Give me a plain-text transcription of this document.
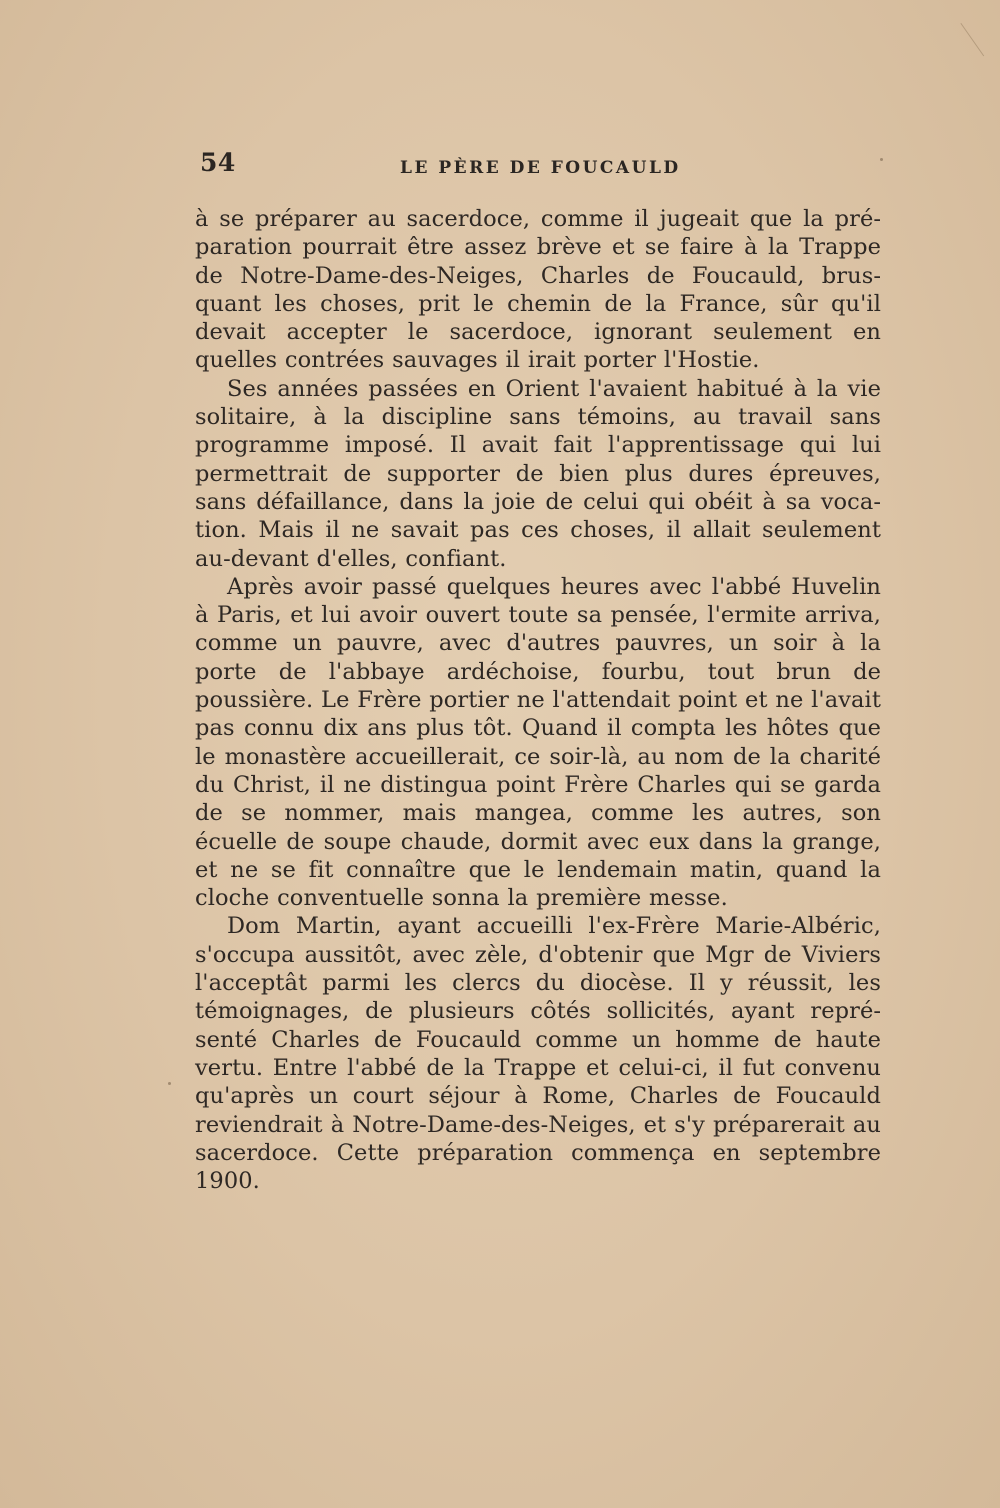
54	LE PÈRE DE FOUCAULD

à se préparer au sacerdoce, comme il jugeait que la préparation pourrait être assez brève et se faire à la Trappe de Notre-Dame-des-Neiges, Charles de Foucauld, brusquant les choses, prit le chemin de la France, sûr qu'il devait accepter le sacerdoce, ignorant seulement en quelles contrées sauvages il irait porter l'Hostie.

Ses années passées en Orient l'avaient habitué à la vie solitaire, à la discipline sans témoins, au travail sans programme imposé. Il avait fait l'apprentissage qui lui permettrait de supporter de bien plus dures épreuves, sans défaillance, dans la joie de celui qui obéit à sa vocation. Mais il ne savait pas ces choses, il allait seulement au-devant d'elles, confiant.

Après avoir passé quelques heures avec l'abbé Huvelin à Paris, et lui avoir ouvert toute sa pensée, l'ermite arriva, comme un pauvre, avec d'autres pauvres, un soir à la porte de l'abbaye ardéchoise, fourbu, tout brun de poussière. Le Frère portier ne l'attendait point et ne l'avait pas connu dix ans plus tôt. Quand il compta les hôtes que le monastère accueillerait, ce soir-là, au nom de la charité du Christ, il ne distingua point Frère Charles qui se garda de se nommer, mais mangea, comme les autres, son écuelle de soupe chaude, dormit avec eux dans la grange, et ne se fit connaître que le lendemain matin, quand la cloche conventuelle sonna la première messe.

Dom Martin, ayant accueilli l'ex-Frère Marie-Albéric, s'occupa aussitôt, avec zèle, d'obtenir que Mgr de Viviers l'acceptât parmi les clercs du diocèse. Il y réussit, les témoignages, de plusieurs côtés sollicités, ayant représenté Charles de Foucauld comme un homme de haute vertu. Entre l'abbé de la Trappe et celui-ci, il fut convenu qu'après un court séjour à Rome, Charles de Foucauld reviendrait à Notre-Dame-des-Neiges, et s'y préparerait au sacerdoce. Cette préparation commença en septembre 1900.
